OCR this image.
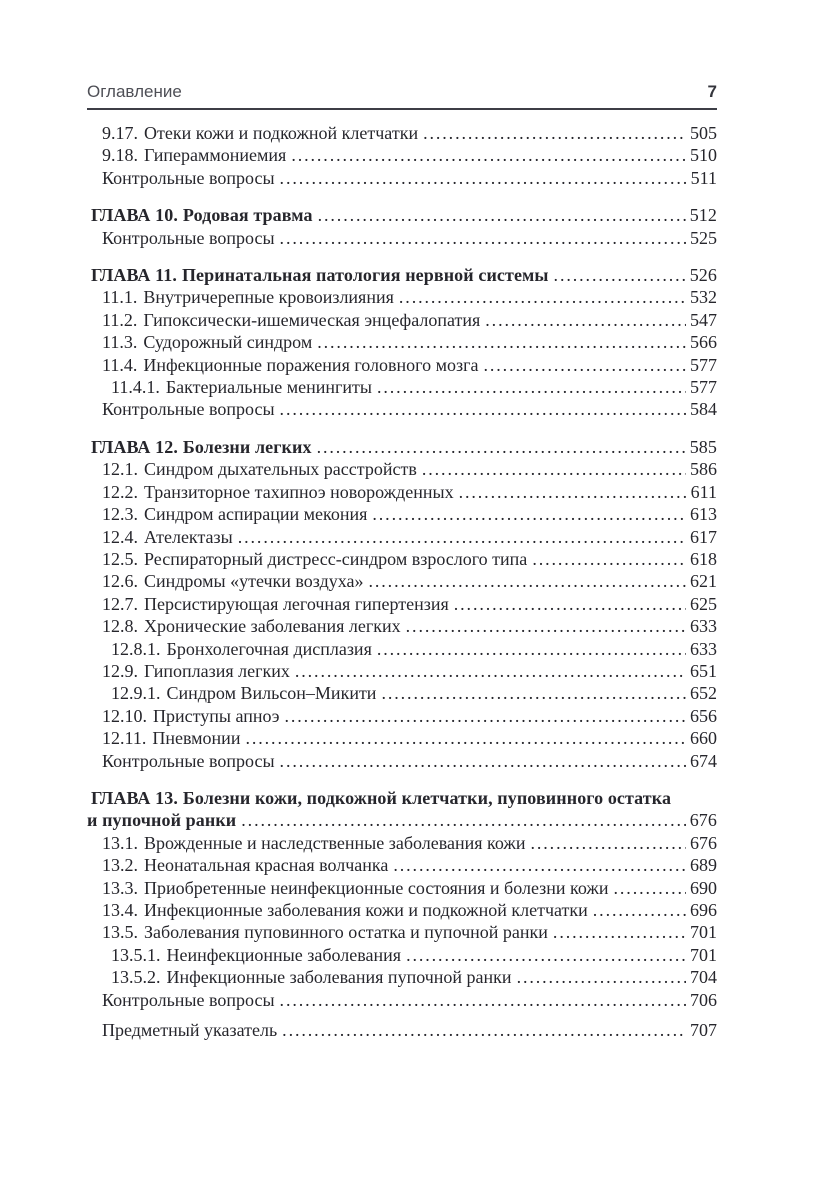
Оглавление	7
9.17. Отеки кожи и подкожной клетчатки .....	505
9.18. Гипераммониемия .....	510
Контрольные вопросы .....	511
ГЛАВА 10. Родовая травма .....	512
Контрольные вопросы .....	525
ГЛАВА 11. Перинатальная патология нервной системы .....	526
11.1. Внутричерепные кровоизлияния .....	532
11.2. Гипоксически-ишемическая энцефалопатия .....	547
11.3. Судорожный синдром .....	566
11.4. Инфекционные поражения головного мозга .....	577
11.4.1. Бактериальные менингиты .....	577
Контрольные вопросы .....	584
ГЛАВА 12. Болезни легких .....	585
12.1. Синдром дыхательных расстройств .....	586
12.2. Транзиторное тахипноэ новорожденных .....	611
12.3. Синдром аспирации мекония .....	613
12.4. Ателектазы .....	617
12.5. Респираторный дистресс-синдром взрослого типа .....	618
12.6. Синдромы «утечки воздуха» .....	621
12.7. Персистирующая легочная гипертензия .....	625
12.8. Хронические заболевания легких .....	633
12.8.1. Бронхолегочная дисплазия .....	633
12.9. Гипоплазия легких .....	651
12.9.1. Синдром Вильсон–Микити .....	652
12.10. Приступы апноэ .....	656
12.11. Пневмонии .....	660
Контрольные вопросы .....	674
ГЛАВА 13. Болезни кожи, подкожной клетчатки, пуповинного остатка
и пупочной ранки .....	676
13.1. Врожденные и наследственные заболевания кожи .....	676
13.2. Неонатальная красная волчанка .....	689
13.3. Приобретенные неинфекционные состояния и болезни кожи .....	690
13.4. Инфекционные заболевания кожи и подкожной клетчатки .....	696
13.5. Заболевания пуповинного остатка и пупочной ранки .....	701
13.5.1. Неинфекционные заболевания .....	701
13.5.2. Инфекционные заболевания пупочной ранки .....	704
Контрольные вопросы .....	706
Предметный указатель .....	707
